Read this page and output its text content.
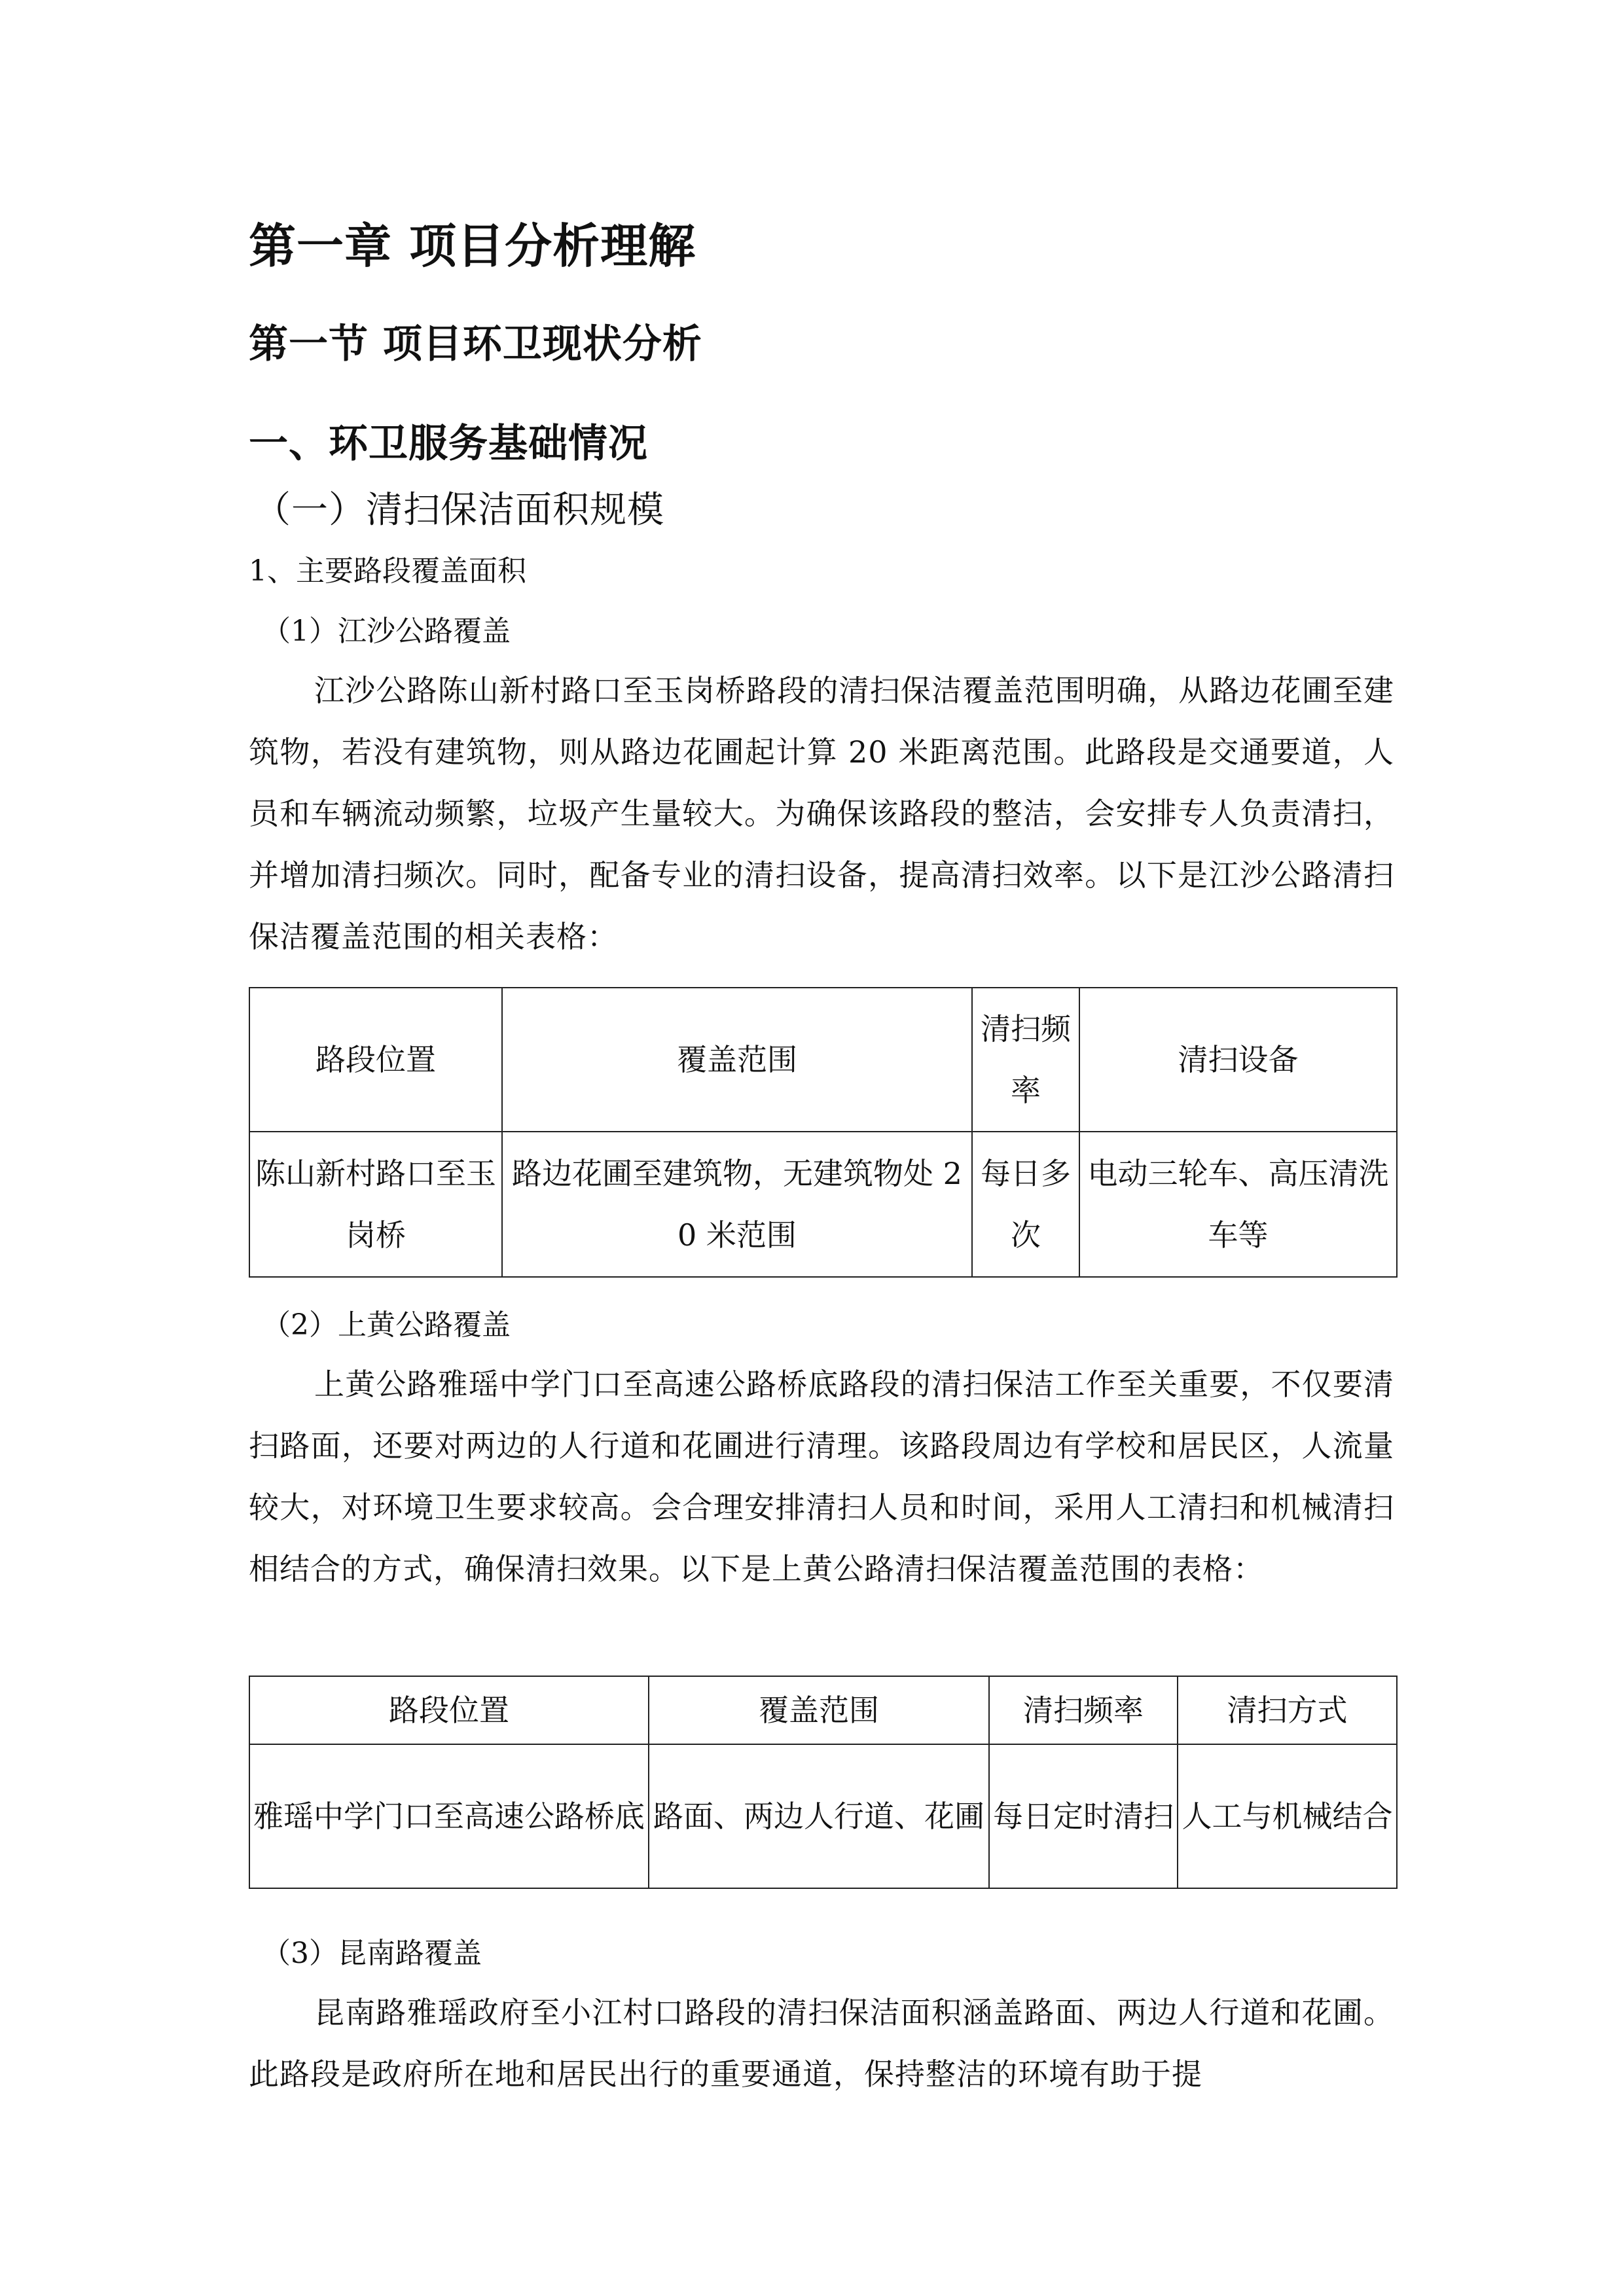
第一章 项目分析理解
第一节 项目环卫现状分析
一、环卫服务基础情况
（一）清扫保洁面积规模
1、主要路段覆盖面积
（1）江沙公路覆盖
江沙公路陈山新村路口至玉岗桥路段的清扫保洁覆盖范围明确，从路边花圃至建筑物，若没有建筑物，则从路边花圃起计算 20 米距离范围。此路段是交通要道，人员和车辆流动频繁，垃圾产生量较大。为确保该路段的整洁，会安排专人负责清扫，并增加清扫频次。同时，配备专业的清扫设备，提高清扫效率。以下是江沙公路清扫保洁覆盖范围的相关表格：
路段位置	覆盖范围	清扫频率	清扫设备
陈山新村路口至玉岗桥	路边花圃至建筑物，无建筑物处 20 米范围	每日多次	电动三轮车、高压清洗车等
（2）上黄公路覆盖
上黄公路雅瑶中学门口至高速公路桥底路段的清扫保洁工作至关重要，不仅要清扫路面，还要对两边的人行道和花圃进行清理。该路段周边有学校和居民区，人流量较大，对环境卫生要求较高。会合理安排清扫人员和时间，采用人工清扫和机械清扫相结合的方式，确保清扫效果。以下是上黄公路清扫保洁覆盖范围的表格：
路段位置	覆盖范围	清扫频率	清扫方式
雅瑶中学门口至高速公路桥底	路面、两边人行道、花圃	每日定时清扫	人工与机械结合
（3）昆南路覆盖
昆南路雅瑶政府至小江村口路段的清扫保洁面积涵盖路面、两边人行道和花圃。此路段是政府所在地和居民出行的重要通道，保持整洁的环境有助于提
